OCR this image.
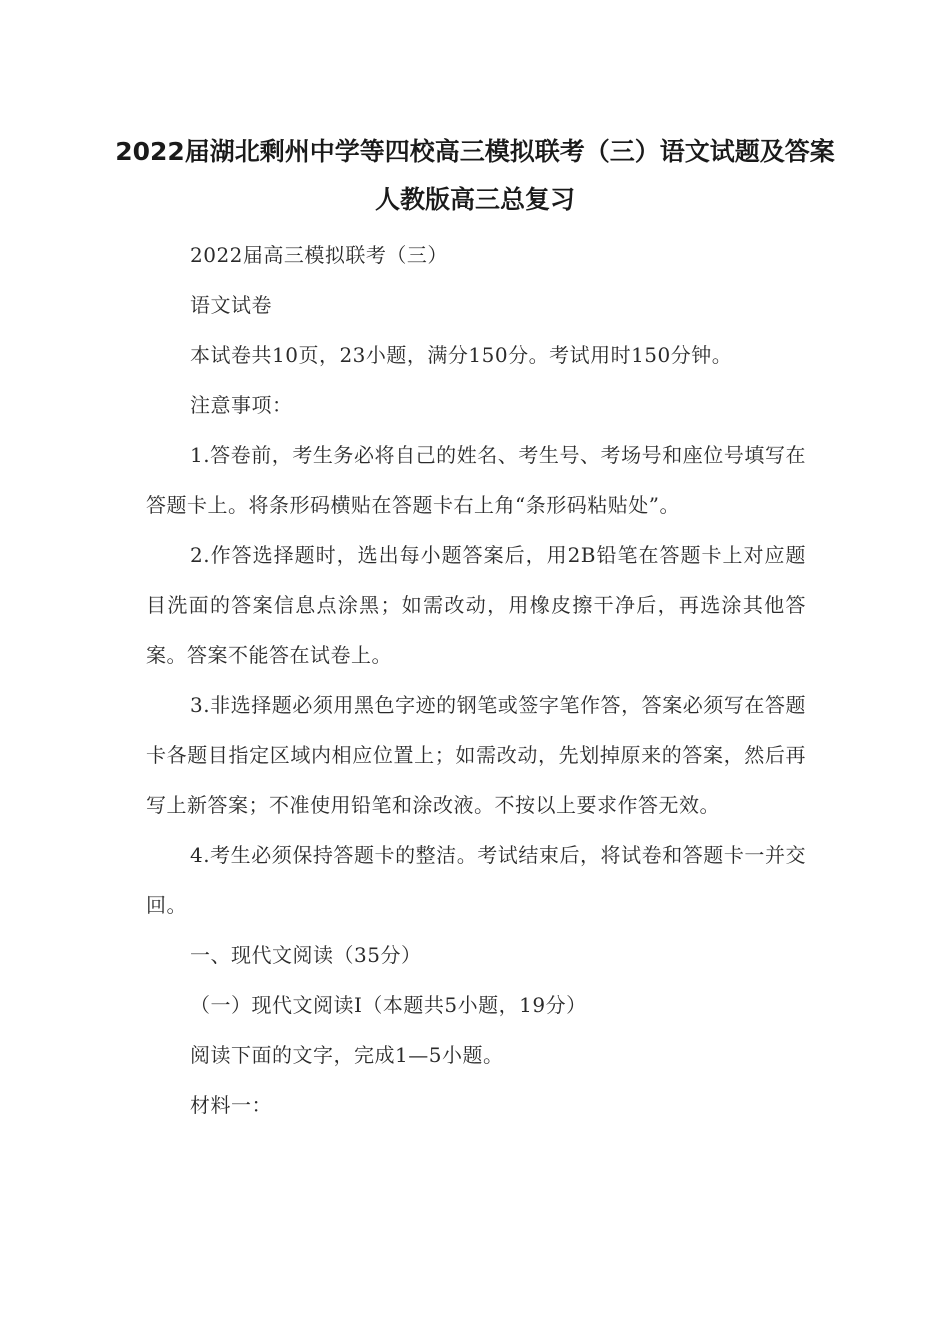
2022届湖北剩州中学等四校高三模拟联考（三）语文试题及答案
人教版高三总复习

2022届高三模拟联考（三）

语文试卷

本试卷共10页，23小题，满分150分。考试用时150分钟。

注意事项：

1.答卷前，考生务必将自己的姓名、考生号、考场号和座位号填写在答题卡上。将条形码横贴在答题卡右上角“条形码粘贴处”。

2.作答选择题时，选出每小题答案后，用2B铅笔在答题卡上对应题目洗面的答案信息点涂黑；如需改动，用橡皮擦干净后，再选涂其他答案。答案不能答在试卷上。

3.非选择题必须用黑色字迹的钢笔或签字笔作答，答案必须写在答题卡各题目指定区域内相应位置上；如需改动，先划掉原来的答案，然后再写上新答案；不准使用铅笔和涂改液。不按以上要求作答无效。

4.考生必须保持答题卡的整洁。考试结束后，将试卷和答题卡一并交回。

一、现代文阅读（35分）

（一）现代文阅读Ⅰ（本题共5小题，19分）

阅读下面的文字，完成1—5小题。

材料一：
